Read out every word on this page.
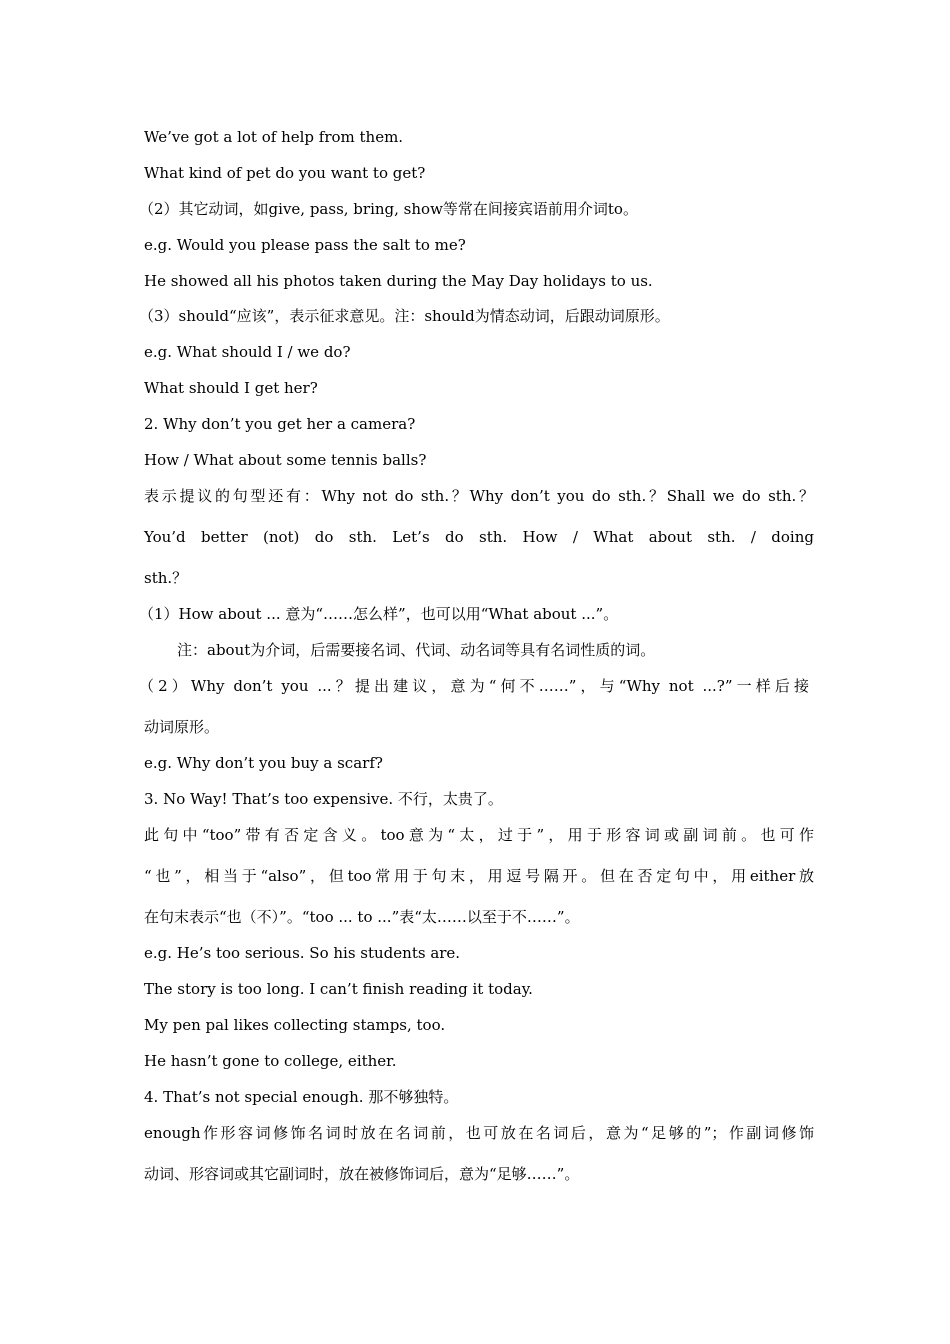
We’ve got a lot of help from them.
What kind of pet do you want to get?
（2）其它动词，如give, pass, bring, show等常在间接宾语前用介词to。
e.g. Would you please pass the salt to me?
He showed all his photos taken during the May Day holidays to us.
（3）should“应该”，表示征求意见。注：should为情态动词，后跟动词原形。
e.g. What should I / we do?
What should I get her?
2. Why don’t you get her a camera?
How / What about some tennis balls?
表示提议的句型还有：Why not do sth.？Why don’t you do sth.？Shall we do sth.？
You’d better (not) do sth. Let’s do sth. How / What about sth. / doing
sth.？
（1）How about ... 意为“……怎么样”，也可以用“What about ...”。
注：about为介词，后需要接名词、代词、动名词等具有名词性质的词。
（2）Why don’t you ...？提出建议，意为“何不……”，与“Why not ...?”一样后接
动词原形。
e.g. Why don’t you buy a scarf?
3. No Way! That’s too expensive. 不行，太贵了。
此句中“too”带有否定含义。too意为“太，过于”，用于形容词或副词前。也可作
“也”，相当于“also”，但too常用于句末，用逗号隔开。但在否定句中，用either放
在句末表示“也（不）”。“too ... to ...”表“太……以至于不……”。
e.g. He’s too serious. So his students are.
The story is too long. I can’t finish reading it today.
My pen pal likes collecting stamps, too.
He hasn’t gone to college, either.
4. That’s not special enough. 那不够独特。
enough作形容词修饰名词时放在名词前，也可放在名词后，意为“足够的”；作副词修饰
动词、形容词或其它副词时，放在被修饰词后，意为“足够……”。
